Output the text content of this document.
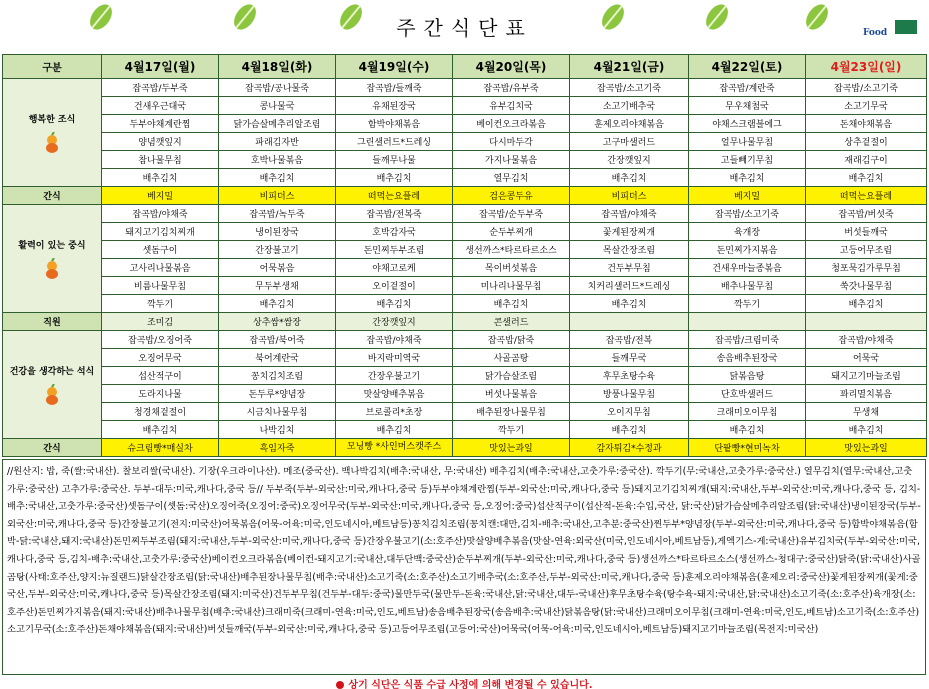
주간식단표	Food
구분	4월17일(월)	4월18일(화)	4월19일(수)	4월20일(목)	4월21일(금)	4월22일(토)	4월23일(일)
행복한 조식	잡곡밥/두부죽	잡곡밥/공나물죽	잡곡밥/들깨죽	잡곡밥/유부죽	잡곡밥/소고기죽	잡곡밥/계란죽	잡곡밥/소고기죽
	건새우근대국	콩나물국	유채된장국	유부김치국	소고기배추국	무우채첨국	소고기무국
	두부야채계란찜	닭가슴살메추리알조림	함박야채볶음	베이컨오크라볶음	훈제오리야채볶음	야채스크램블에그	돈채야채볶음
	양념깻잎지	파래김자반	그린샐러드*드레싱	다시마두각	고구마샐러드	얼무나물무침	상추겉절이
	참나물무침	호박나물볶음	들깨무나물	가지나물볶음	간장깻잎지	고들빼기무침	재래김구이
	배추김치	배추김치	배추김치	열무김치	배추김치	배추김치	배추김치
간식	베지밀	비피더스	떠먹는요플레	검은콩두유	비피더스	베지밀	떠먹는요플레
활력이 있는 중식	잡곡밥/야채죽	잡곡밥/녹두죽	잡곡밥/전복죽	잡곡밥/순두부죽	잡곡밥/야채죽	잡곡밥/소고기죽	잡곡밥/버섯죽
	돼지고기김치찌개	냉이된장국	호박감자국	순두부찌개	꽃게된장찌개	육개장	버섯들깨국
	셋돔구이	간장불고기	돈민찌두부조림	생선까스*타르타르소스	목살간장조림	돈민찌가지볶음	고등어무조림
	고사리나물볶음	어묵볶음	야채고로케	목이버섯볶음	건두부무침	건새우마늘종볶음	청포묵김가루무침
	비름나물무침	무두부생채	오이겉절이	미나리나물무침	치커리샐러드*드레싱	배추나물무침	쑥갓나물무침
	깍두기	배추김치	배추김치	배추김치	배추김치	깍두기	배추김치
직원	조미김	상추쌈*쌈장	간장깻잎지	콘샐러드			
건강을 생각하는 석식	잡곡밥/오징어죽	잡곡밥/북어죽	잡곡밥/야채죽	잡곡밥/닭죽	잡곡밥/전복	잡곡밥/크림미죽	잡곡밥/야채죽
	오징어무국	북어계란국	바지락미역국	사골곰탕	들깨무국	송음배추된장국	어묵국
	섭산적구이	꽁치김치조림	간장우불고기	닭가슴살조림	후무초탕수육	닭볶음탕	돼지고기마늘조림
	도라지나물	돈두루*양념장	맛살양배추볶음	버섯나물볶음	방풍나물무침	단호박샐러드	꽈리멸치볶음
	청경채겉절이	시금치나물무침	브로콜리*초장	배추된장나물무침	오이지무침	크래미오이무침	무생채
	배추김치	나박김치	배추김치	깍두기	배추김치	배추김치	배추김치
간식	슈크림빵*매실차	흑임자죽	모닝빵 *사인머스캣주스	맛있는과일	감자튀김*수정과	단팥빵*현미녹차	맛있는과일
//원산지: 밥, 죽(쌀:국내산). 찰보리쌀(국내산). 기장(우크라이나산). 메조(중국산). 백나박김치(배추:국내산, 무:국내산) 배추김치(배추:국내산,고춧가루:중국산). 깍두기(무:국내산,고춧가루:중국산.) 열무김치(열무:국내산,고춧가루:중국산) 고추가루:중국산. 두부-대두:미국,캐나다,중국 등// 두부죽(두부-외국산:미국,캐나다,중국 등)두부야채계란찜(두부-외국산:미국,캐나다,중국 등)돼지고기김치찌개(돼지:국내산,두부-외국산:미국,캐나다,중국 등, 김치-배추:국내산,고춧가루:중국산)셋돔구이(셋돔:국산)오징어죽(오징어:중국)오징어무국(두부-외국산:미국,캐나다,중국 등,오징어:중국)섭산적구이(섭산적-돈육:수입,국산, 닭:국산)닭가슴살메추리알조림(닭:국내산)냉이된장국(두부-외국산:미국,캐나다,중국 등)간장불고기(전지:미국산)어묵볶음(어묵-어육:미국,인도네시아,베트남등)꽁치김치조림(꽁치캔:대만,김치-배추:국내산,고추분:중국산)찐두부*양념장(두부-외국산:미국,캐나다,중국 등)함박야채볶음(함박-닭:국내산,돼지:국내산)돈민찌두부조림(돼지:국내산,두부-외국산:미국,캐나다,중국 등)간장우불고기(소:호주산)맛살양배추볶음(맛살-연육:외국산(미국,인도네시아,베트남등),게엑기스-게:국내산)유부김치국(두부-외국산:미국,캐나다,중국 등,김치-배추:국내산,고춧가루:중국산)베이컨오크라볶음(베이컨-돼지고기:국내산,대두단백:중국산)순두부찌개(두부-외국산:미국,캐나다,중국 등)생선까스*타르타르소스(생선까스-청대구:중국산)닭죽(닭:국내산)사골곰탕(사태:호주산,양지:뉴질랜드)닭살간장조림(닭:국내산)배추된장나물무침(배추:국내산)소고기죽(소:호주산)소고기배추국(소:호주산,두부-외국산:미국,캐나다,중국 등)훈제오리야채볶음(훈제오리:중국산)꽃게된장찌개(꽃게:중국산,두부-외국산:미국,캐나다,중국 등)목살간장조림(돼지:미국산)건두부무침(건두부-대두:중국)물만두국(물만두-돈육:국내산,닭:국내산,대두-국내산)후무초탕수육(탕수육-돼지:국내산,닭:국내산)소고기죽(소:호주산)육개장(소:호주산)돈민찌가지볶음(돼지:국내산)배추나물무침(배추:국내산)크래미죽(크래미-연육:미국,인도,베트남)송음배추된장국(송음배추:국내산)닭볶음탕(닭:국내산)크래미오이무침(크래미-연육:미국,인도,베트남)소고기죽(소:호주산)소고기무국(소:호주산)돈채야채볶음(돼지:국내산)버섯들깨국(두부-외국산:미국,캐나다,중국 등)고등어무조림(고등어:국산)어묵국(어묵-어육:미국,인도네시아,베트남등)돼지고기마늘조림(목전지:미국산)
상기 식단은 식품 수급 사정에 의해 변경될 수 있습니다.
